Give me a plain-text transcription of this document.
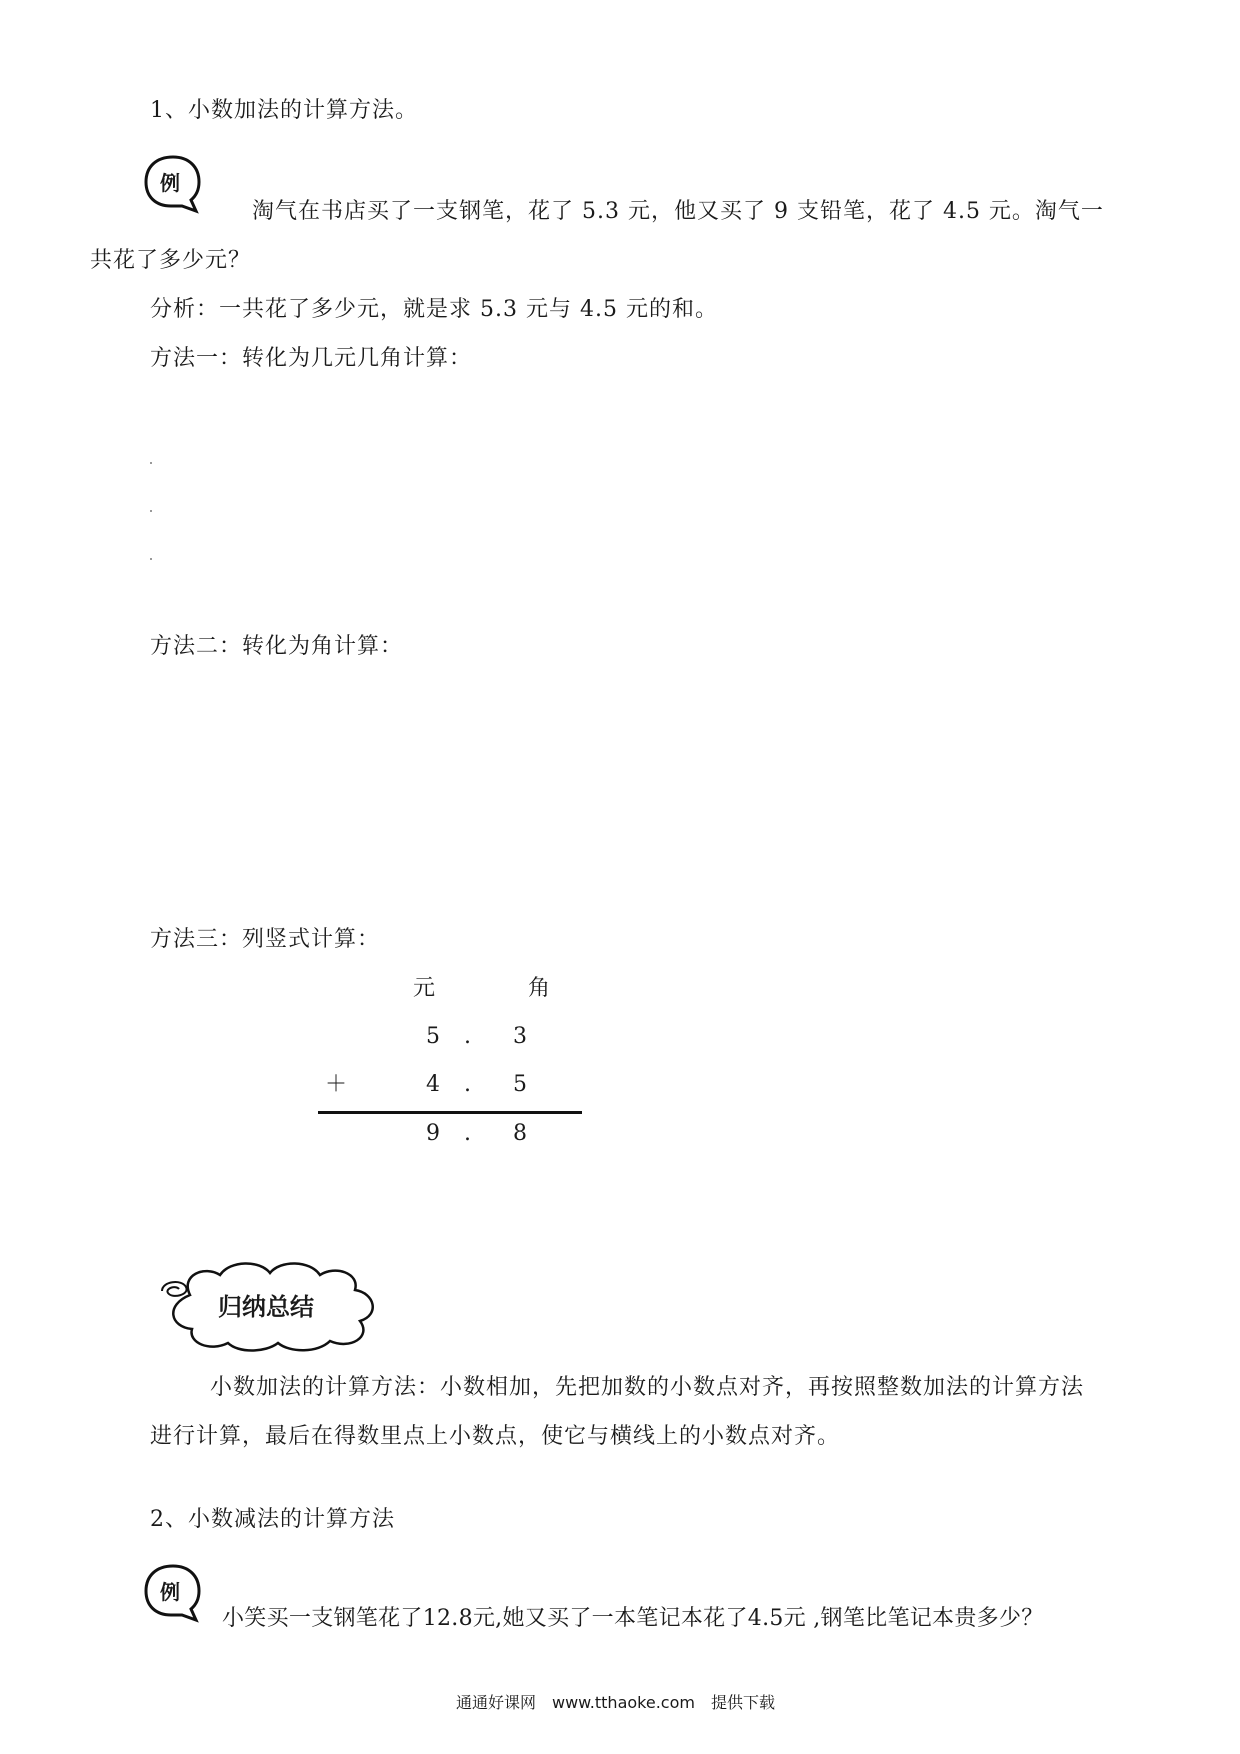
1、小数加法的计算方法。
例
淘气在书店买了一支钢笔，花了 5.3 元，他又买了 9 支铅笔，花了 4.5 元。淘气一
共花了多少元？
分析：一共花了多少元，就是求 5.3 元与 4.5 元的和。
方法一：转化为几元几角计算：
方法二：转化为角计算：
方法三：列竖式计算：
元	角
5 . 3
＋	4 . 5
9 . 8
归纳总结
小数加法的计算方法：小数相加，先把加数的小数点对齐，再按照整数加法的计算方法
进行计算，最后在得数里点上小数点，使它与横线上的小数点对齐。
2、小数减法的计算方法
例
小笑买一支钢笔花了12.8元,她又买了一本笔记本花了4.5元 ,钢笔比笔记本贵多少？
通通好课网　www.tthaoke.com　提供下载
